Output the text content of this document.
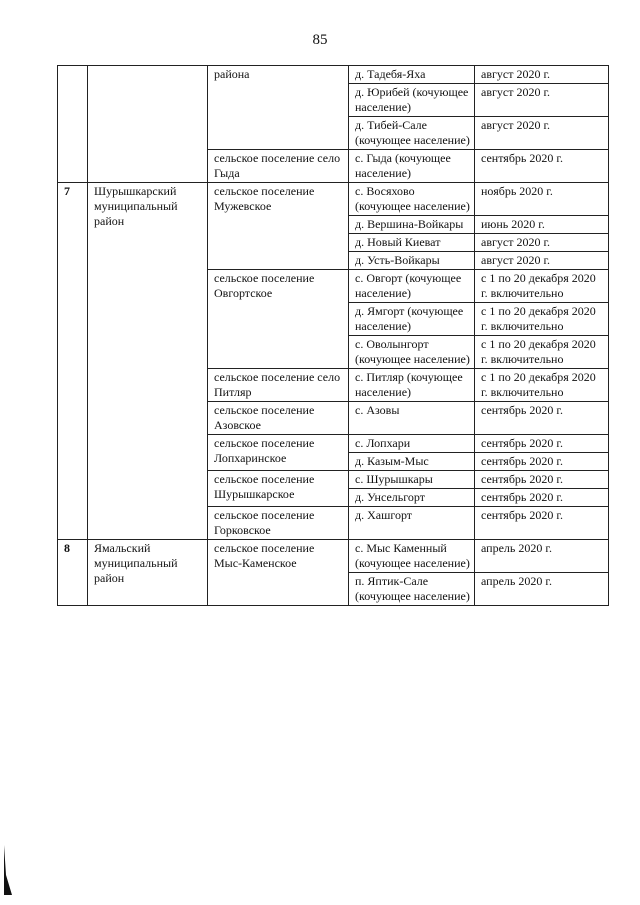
85
		района	д. Тадебя-Яха	август 2020 г.
			д. Юрибей (кочующее население)	август 2020 г.
			д. Тибей-Сале (кочующее население)	август 2020 г.
		сельское поселение село Гыда	с. Гыда (кочующее население)	сентябрь 2020 г.
7	Шурышкарский муниципальный район	сельское поселение Мужевское	с. Восяхово (кочующее население)	ноябрь 2020 г.
			д. Вершина-Войкары	июнь 2020 г.
			д. Новый Киеват	август 2020 г.
			д. Усть-Войкары	август 2020 г.
		сельское поселение Овгортское	с. Овгорт (кочующее население)	с 1 по 20 декабря 2020 г. включительно
			д. Ямгорт (кочующее население)	с 1 по 20 декабря 2020 г. включительно
			с. Оволынгорт (кочующее население)	с 1 по 20 декабря 2020 г. включительно
		сельское поселение село Питляр	с. Питляр (кочующее население)	с 1 по 20 декабря 2020 г. включительно
		сельское поселение Азовское	с. Азовы	сентябрь 2020 г.
		сельское поселение Лопхаринское	с. Лопхари	сентябрь 2020 г.
			д. Казым-Мыс	сентябрь 2020 г.
		сельское поселение Шурышкарское	с. Шурышкары	сентябрь 2020 г.
			д. Унсельгорт	сентябрь 2020 г.
		сельское поселение Горковское	д. Хашгорт	сентябрь 2020 г.
8	Ямальский муниципальный район	сельское поселение Мыс-Каменское	с. Мыс Каменный (кочующее население)	апрель 2020 г.
			п. Яптик-Сале (кочующее население)	апрель 2020 г.
